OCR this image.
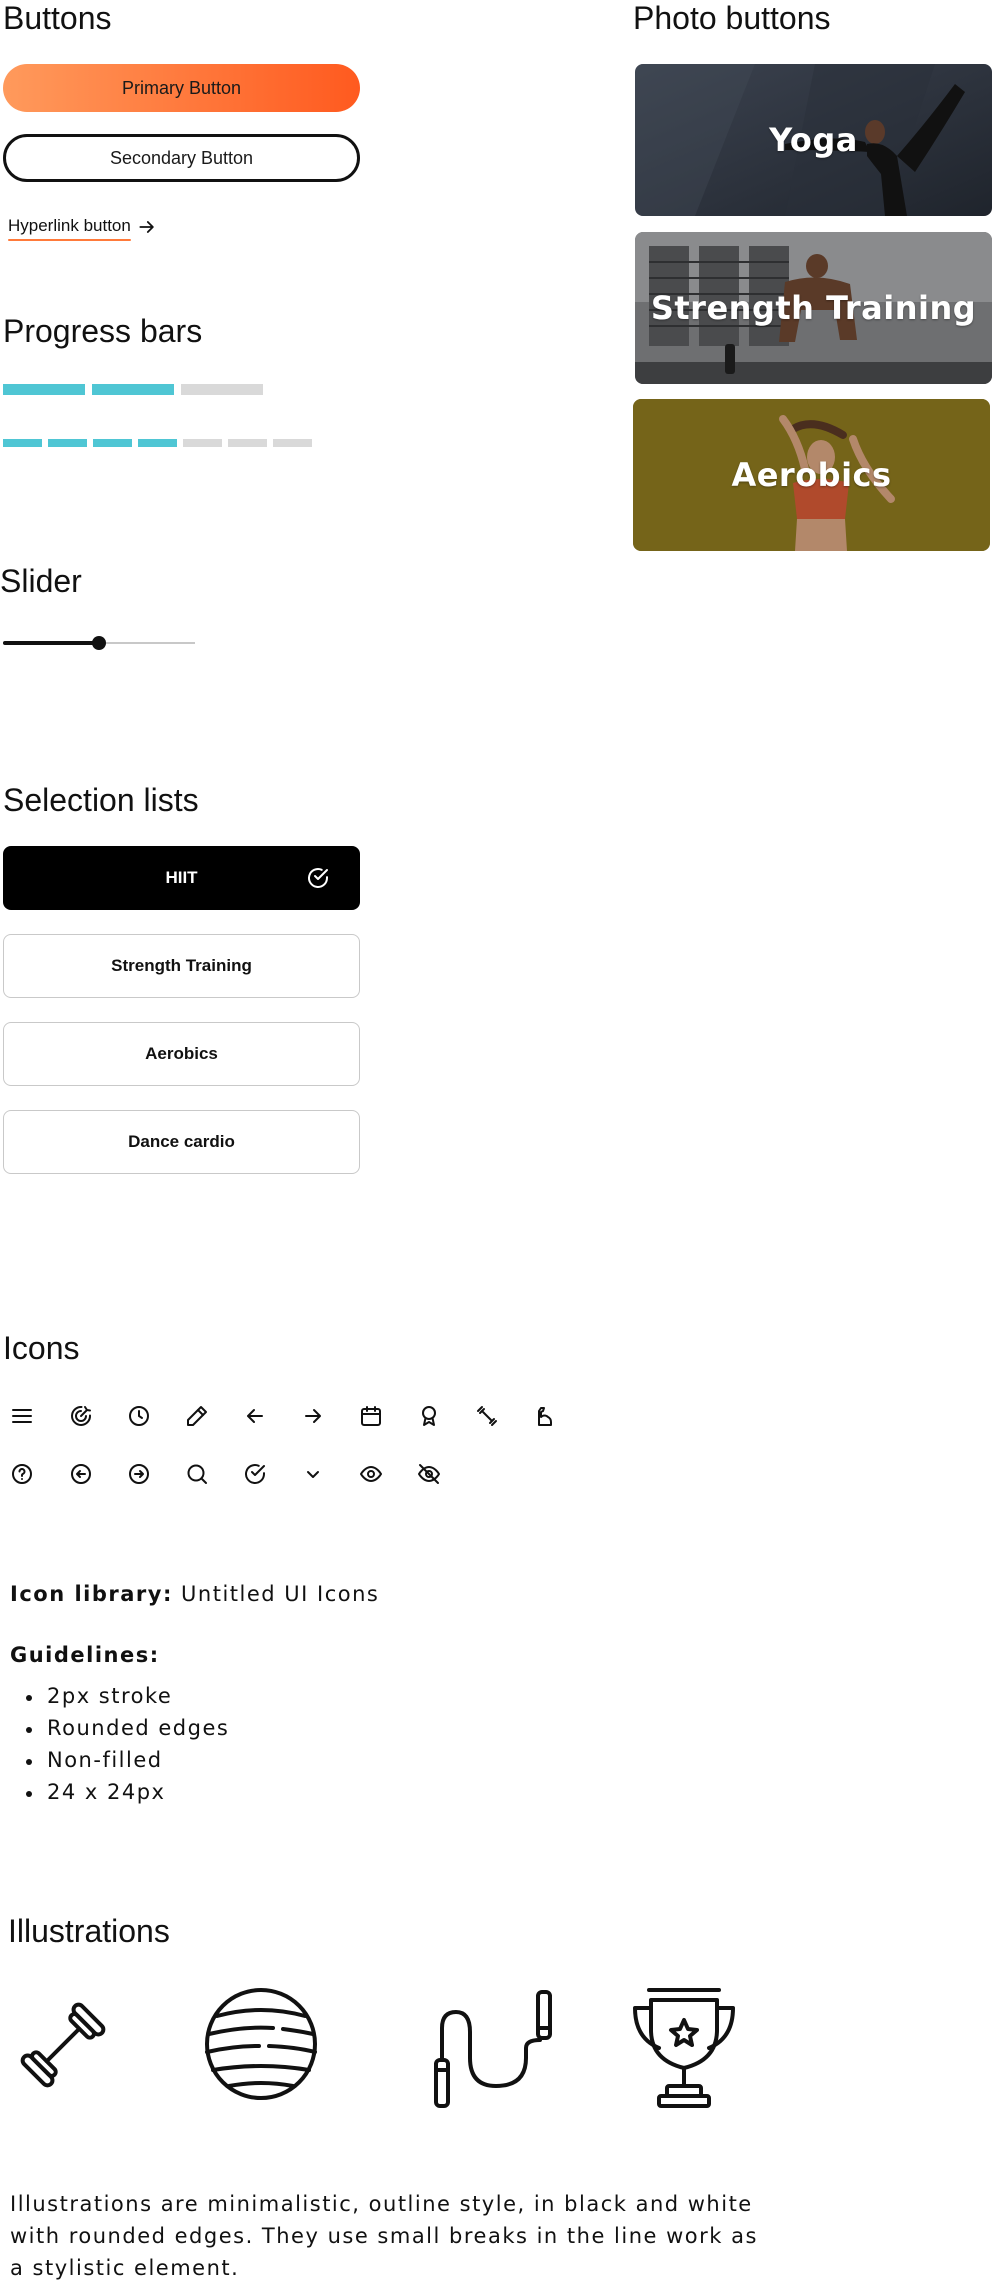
Buttons
Primary Button
Secondary Button
Hyperlink button
Progress bars
Slider
Selection lists
HIIT
Strength Training
Aerobics
Dance cardio
Icons
Icon library: Untitled UI Icons
Guidelines:
2px stroke
Rounded edges
Non-filled
24 x 24px
Illustrations
Illustrations are minimalistic, outline style, in black and white
with rounded edges. They use small breaks in the line work as
a stylistic element.
Photo buttons
Yoga
Strength Training
Aerobics
